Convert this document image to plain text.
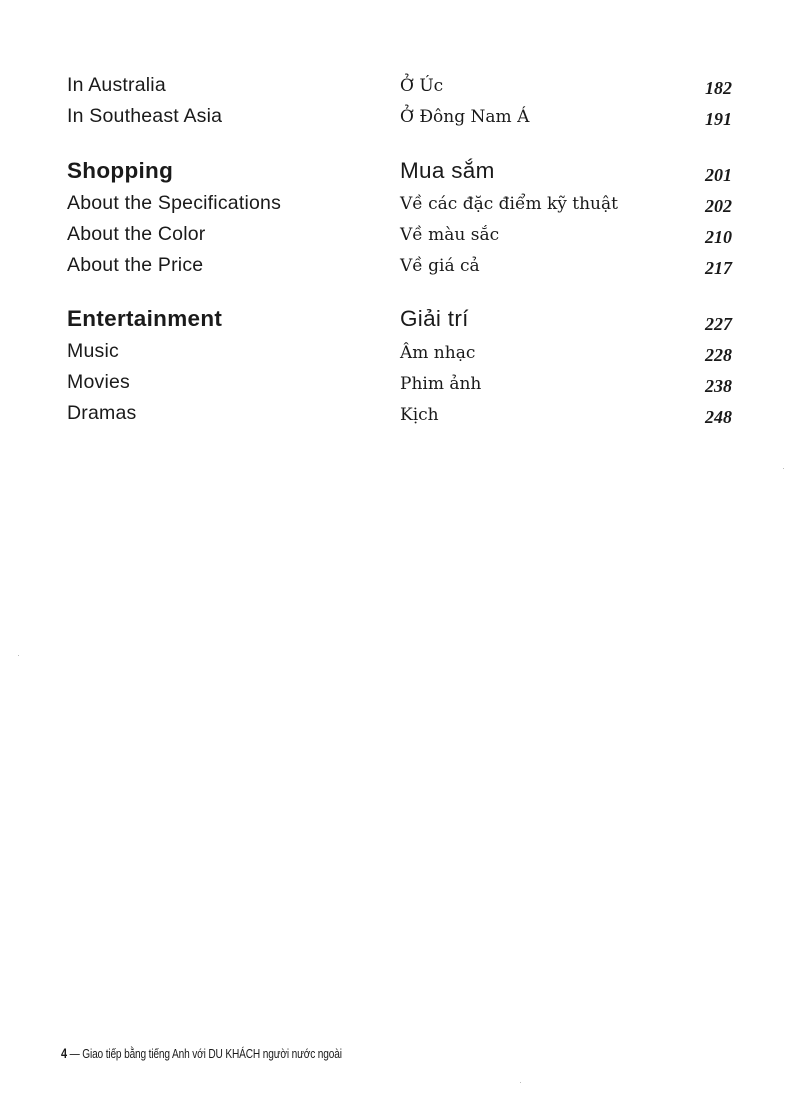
In Australia	Ở Úc	182
In Southeast Asia	Ở Đông Nam Á	191
Shopping	Mua sắm	201
About the Specifications	Về các đặc điểm kỹ thuật	202
About the Color	Về màu sắc	210
About the Price	Về giá cả	217
Entertainment	Giải trí	227
Music	Âm nhạc	228
Movies	Phim ảnh	238
Dramas	Kịch	248
4 — Giao tiếp bằng tiếng Anh với DU KHÁCH người nước ngoài
